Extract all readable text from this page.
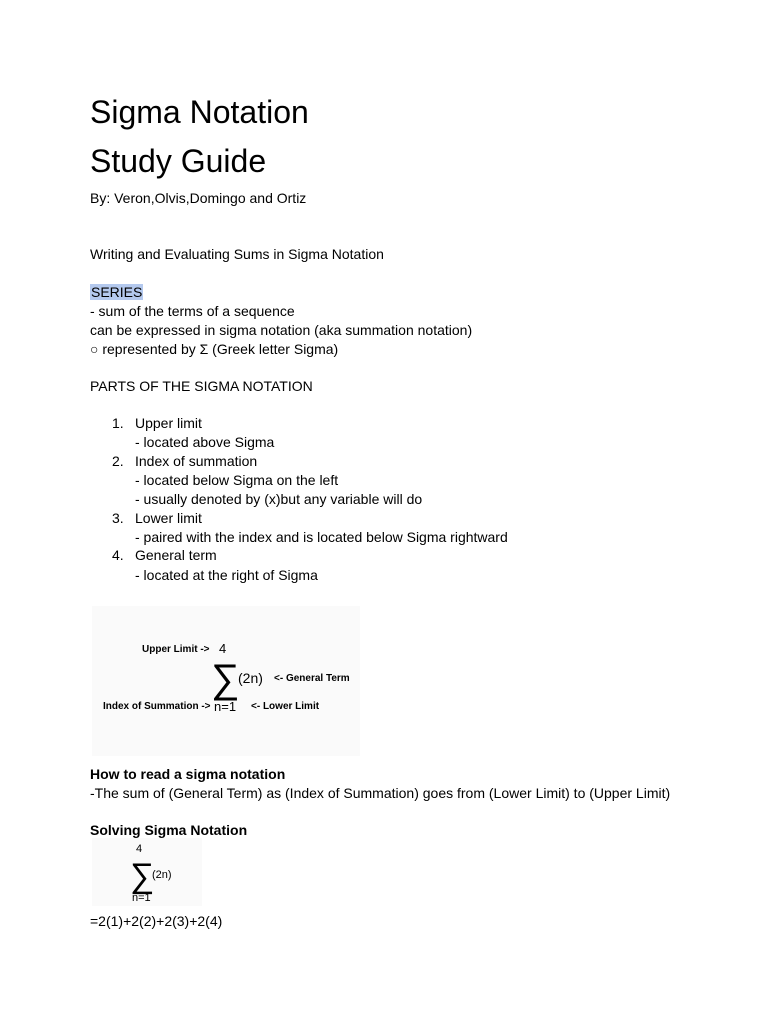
Sigma Notation
Study Guide
By: Veron,Olvis,Domingo and Ortiz
Writing and Evaluating Sums in Sigma Notation
SERIES
- sum of the terms of a sequence
can be expressed in sigma notation (aka summation notation)
○ represented by Σ (Greek letter Sigma)
PARTS OF THE SIGMA NOTATION
1. Upper limit
- located above Sigma
2. Index of summation
- located below Sigma on the left
- usually denoted by (x)but any variable will do
3. Lower limit
- paired with the index and is located below Sigma rightward
4. General term
- located at the right of Sigma
Upper Limit -> 4
∑
(2n) <- General Term
Index of Summation -> n=1 <- Lower Limit
How to read a sigma notation
-The sum of (General Term) as (Index of Summation) goes from (Lower Limit) to (Upper Limit)
Solving Sigma Notation
4
∑
(2n)
n=1
=2(1)+2(2)+2(3)+2(4)
